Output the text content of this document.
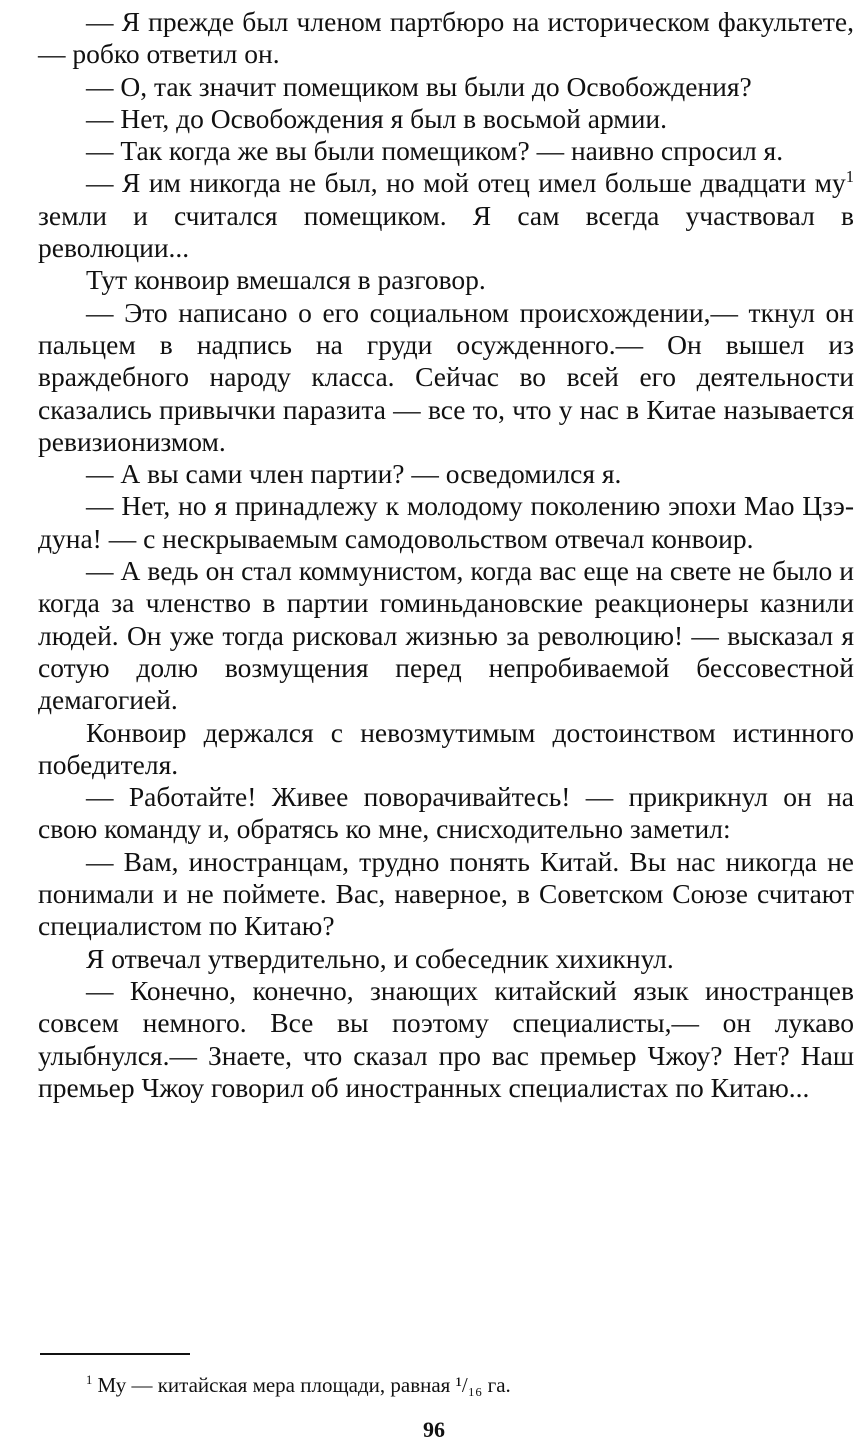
— Я прежде был членом партбюро на историческом факультете,— робко ответил он.

— О, так значит помещиком вы были до Освобождения?

— Нет, до Освобождения я был в восьмой армии.

— Так когда же вы были помещиком? — наивно спросил я.

— Я им никогда не был, но мой отец имел больше двадцати $му^1$ земли и считался помещиком. Я сам всегда участвовал в революции...

Тут конвоир вмешался в разговор.

— Это написано о его социальном происхождении,— ткнул он пальцем в надпись на груди осужденного.— Он вышел из враждебного народу класса. Сейчас во всей его деятельности сказались привычки паразита — все то, что у нас в Китае называется ревизионизмом.

— А вы сами член партии? — осведомился я.

— Нет, но я принадлежу к молодому поколению эпохи Мао Цзэ-дуна! — с нескрываемым самодовольством отвечал конвоир.

— А ведь он стал коммунистом, когда вас еще на свете не было и когда за членство в партии гоминьдановские реакционеры казнили людей. Он уже тогда рисковал жизнью за революцию! — высказал я сотую долю возмущения перед непробиваемой бессовестной демагогией.

Конвоир держался с невозмутимым достоинством истинного победителя.

— Работайте! Живее поворачивайтесь! — прикрикнул он на свою команду и, обратясь ко мне, снисходительно заметил:

— Вам, иностранцам, трудно понять Китай. Вы нас никогда не понимали и не поймете. Вас, наверное, в Советском Союзе считают специалистом по Китаю?

Я отвечал утвердительно, и собеседник хихикнул.

— Конечно, конечно, знающих китайский язык иностранцев совсем немного. Все вы поэтому специалисты,— он лукаво улыбнулся.— Знаете, что сказал про вас премьер Чжоу? Нет? Наш премьер Чжоу говорил об иностранных специалистах по Китаю...

$^1$ Му — китайская мера площади, равная ¹/₁₆ га.
96
